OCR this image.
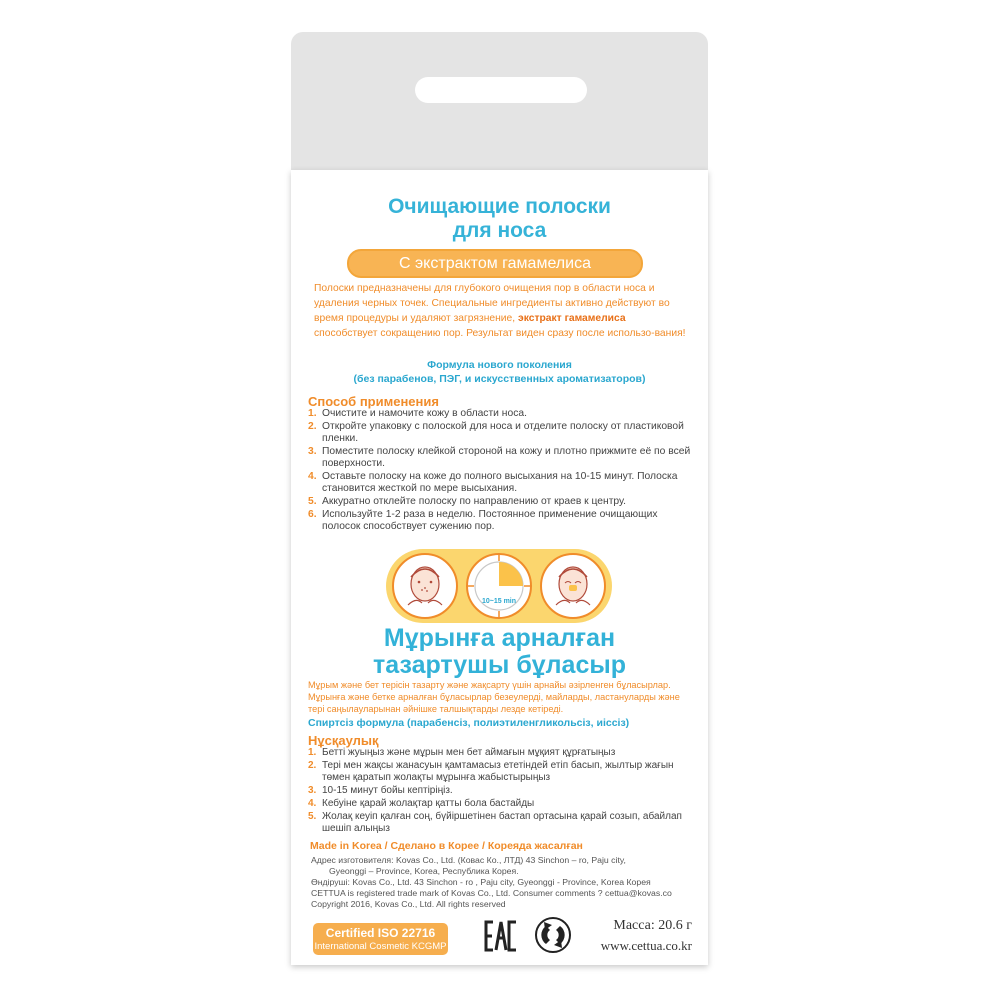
Очищающие полоски
для носа
С экстрактом гамамелиса

Полоски предназначены для глубокого очищения пор в области носа и удаления черных точек. Специальные ингредиенты активно действуют во время процедуры и удаляют загрязнение, экстракт гамамелиса способствует сокращению пор. Результат виден сразу после использо-вания!

Формула нового поколения
(без парабенов, ПЭГ, и искусственных ароматизаторов)

Способ применения
1. Очистите и намочите кожу в области носа.
2. Откройте упаковку с полоской для носа и отделите полоску от пластиковой пленки.
3. Поместите полоску клейкой стороной на кожу и плотно прижмите её по всей поверхности.
4. Оставьте полоску на коже до полного высыхания на 10-15 минут. Полоска становится жесткой по мере высыхания.
5. Аккуратно отклейте полоску по направлению от краев к центру.
6. Используйте 1-2 раза в неделю. Постоянное применение очищающих полосок способствует сужению пор.
10~15 min
Мұрынға арналған
тазартушы бұласыр

Мұрым және бет терісін тазарту және жақсарту үшін арнайы әзірленген бұласырлар.
Мұрынға және бетке арналған бұласырлар безеулерді, майларды, ластануларды және
тері саңылауларынан әйнішке талшықтарды лезде кетіреді.

Спиртсіз формула (парабенсіз, полиэтиленгликольсіз, иіссіз)

Нұсқаулық
1. Бетті жуыңыз және мұрын мен бет аймағын мұқият құрғатыңыз
2. Тері мен жақсы жанасуын қамтамасыз ететіндей етіп басып, жылтыр жағын төмен қаратып жолақты мұрынға жабыстырыңыз
3. 10-15 минут бойы кептіріңіз.
4. Кебуіне қарай жолақтар қатты бола бастайды
5. Жолақ кеуіп қалған соң, бүйіршетінен бастап ортасына қарай созып, абайлап шешіп алыңыз

Made in Korea / Сделано в Корее / Кореяда жасалған

Адрес изготовителя: Kovas Co., Ltd. (Ковас Ко., ЛТД) 43 Sinchon – ro, Paju city,
Gyeonggi – Province, Korea, Республика Корея.
Өндіруші: Kovas Co., Ltd. 43 Sinchon - ro , Paju city, Gyeonggi - Province, Korea Корея
CETTUA is registered trade mark of Kovas Co., Ltd. Consumer comments ? cettua@kovas.co
Copyright 2016, Kovas Co., Ltd. All rights reserved

Certified ISO 22716
International Cosmetic KCGMP

Масса: 20.6 г

www.cettua.co.kr
